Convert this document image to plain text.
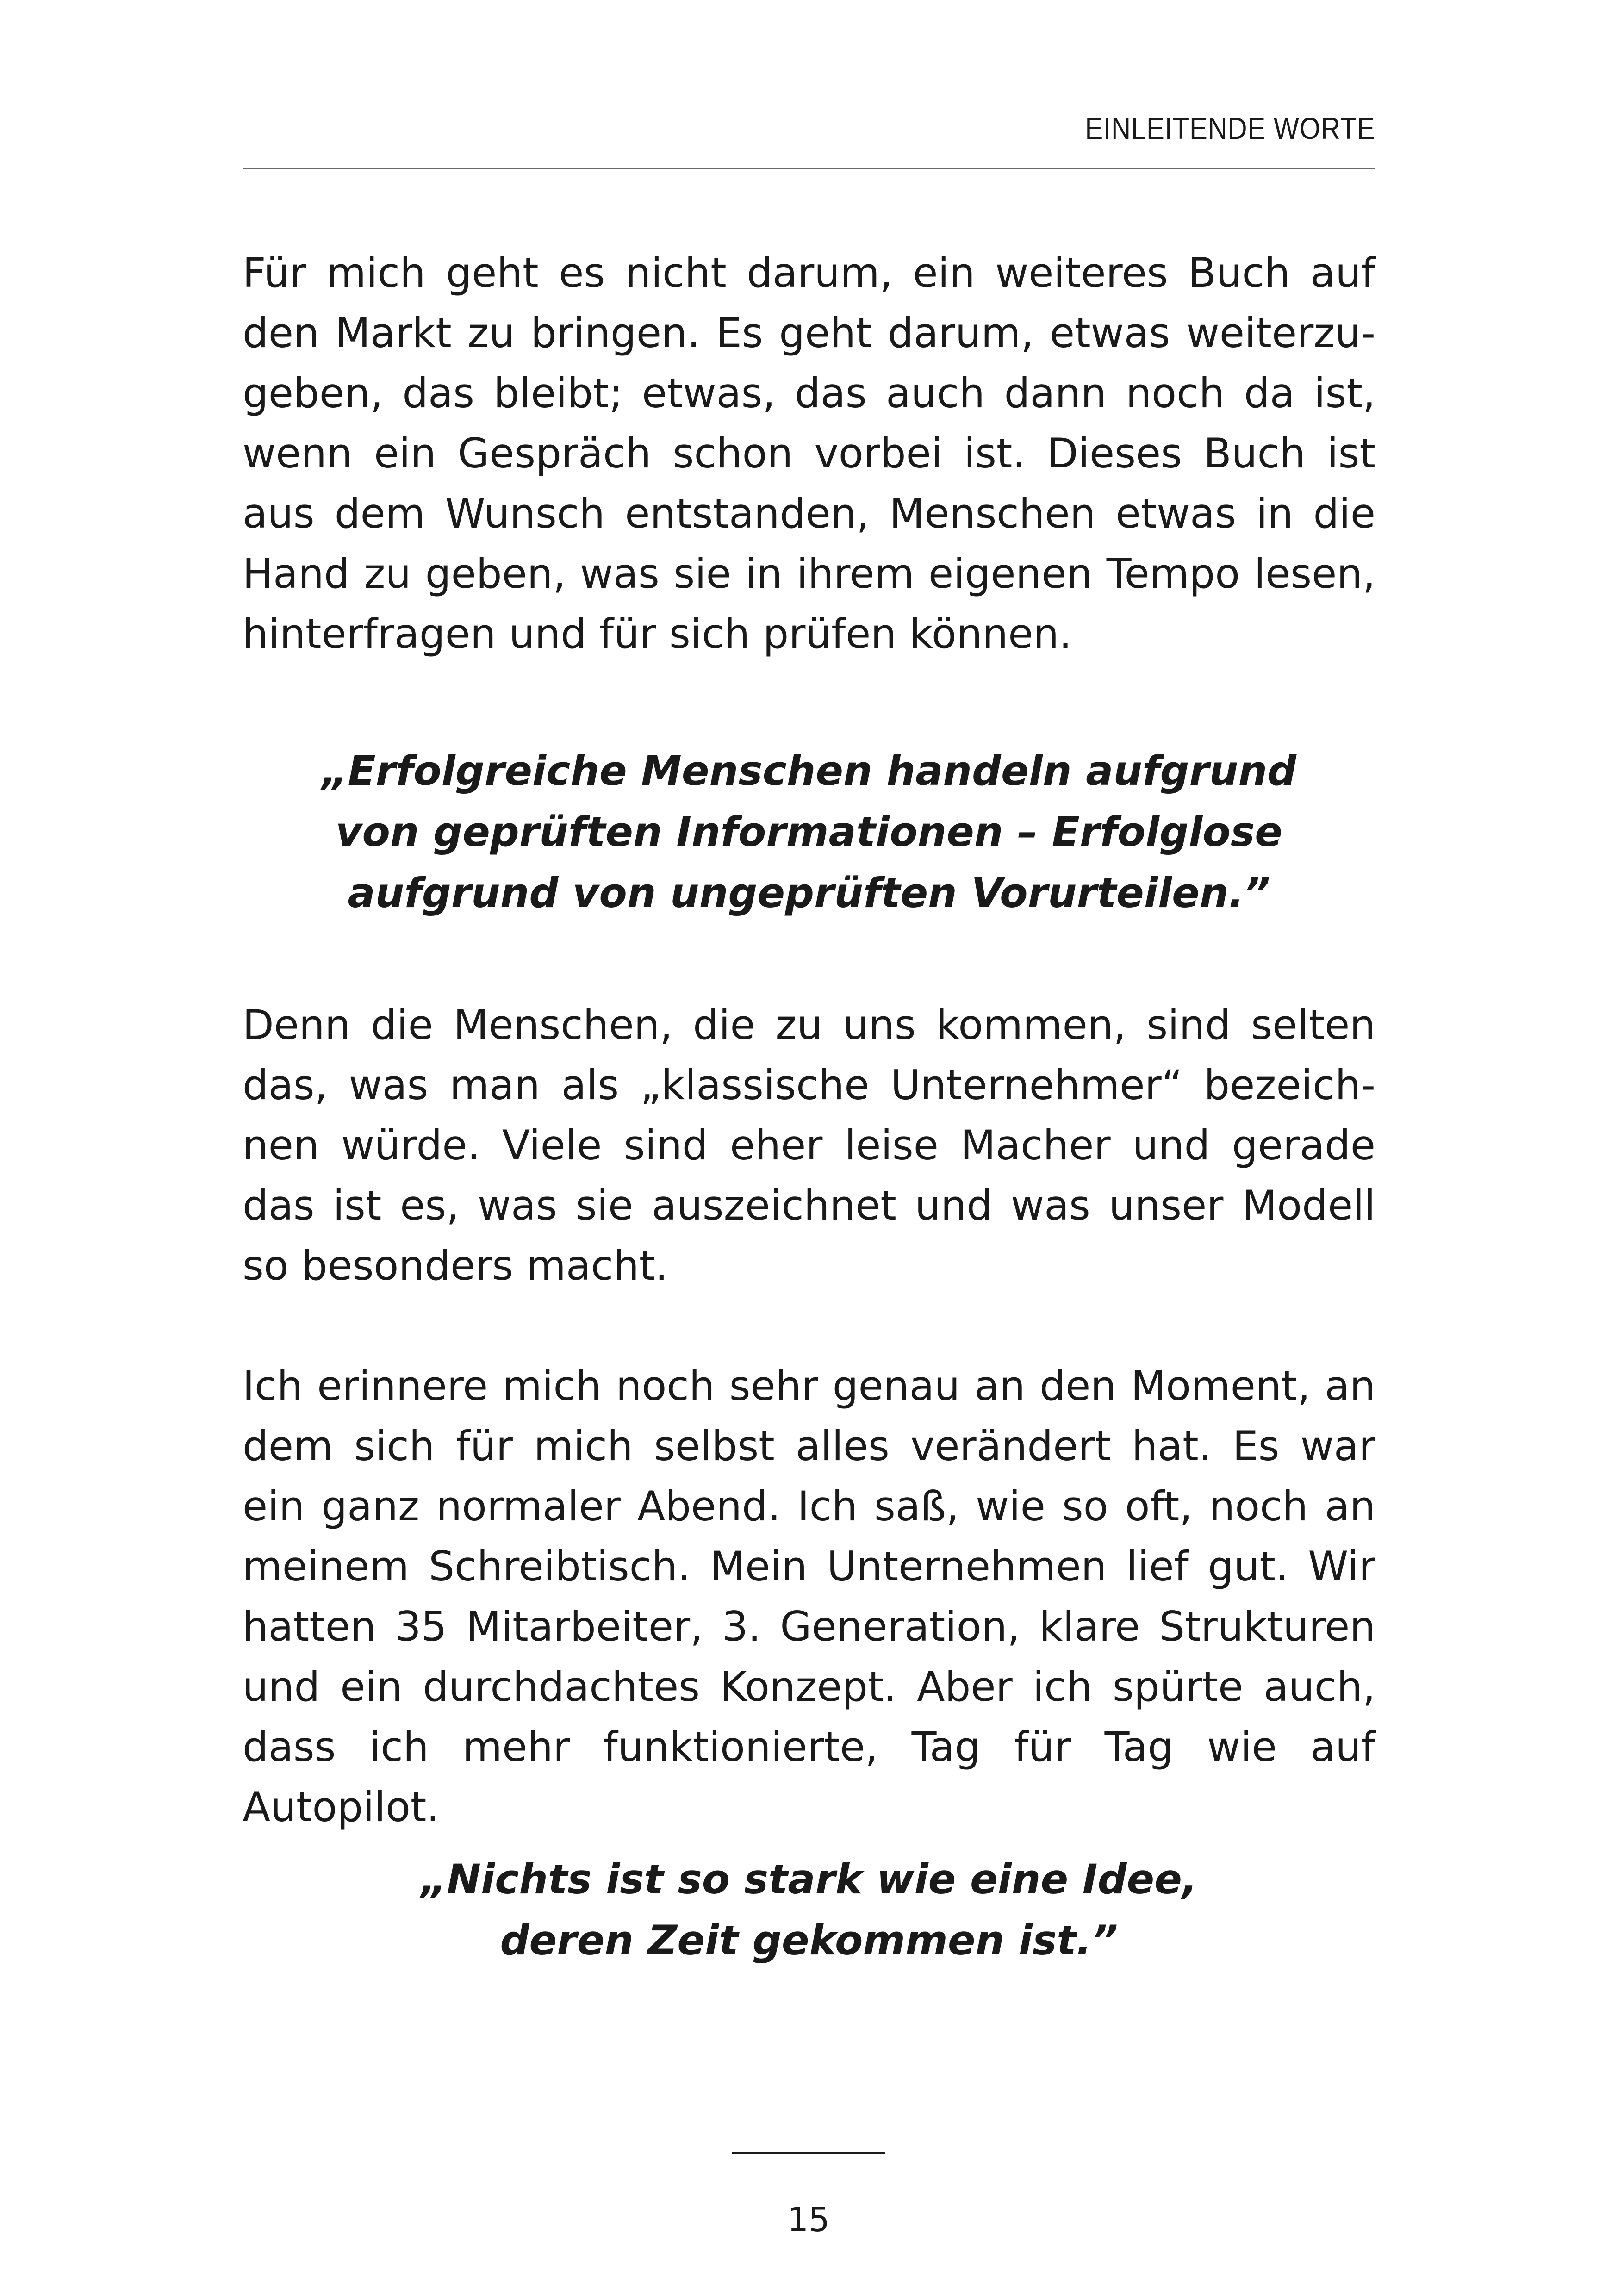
EINLEITENDE WORTE

Für mich geht es nicht darum, ein weiteres Buch auf den Markt zu bringen. Es geht darum, etwas weiterzugeben, das bleibt; etwas, das auch dann noch da ist, wenn ein Gespräch schon vorbei ist. Dieses Buch ist aus dem Wunsch entstanden, Menschen etwas in die Hand zu geben, was sie in ihrem eigenen Tempo lesen, hinterfragen und für sich prüfen können.

„Erfolgreiche Menschen handeln aufgrund
von geprüften Informationen – Erfolglose
aufgrund von ungeprüften Vorurteilen.”

Denn die Menschen, die zu uns kommen, sind selten das, was man als „klassische Unternehmer“ bezeichnen würde. Viele sind eher leise Macher und gerade das ist es, was sie auszeichnet und was unser Modell so besonders macht.

Ich erinnere mich noch sehr genau an den Moment, an dem sich für mich selbst alles verändert hat. Es war ein ganz normaler Abend. Ich saß, wie so oft, noch an meinem Schreibtisch. Mein Unternehmen lief gut. Wir hatten 35 Mitarbeiter, 3. Generation, klare Strukturen und ein durchdachtes Konzept. Aber ich spürte auch, dass ich mehr funktionierte, Tag für Tag wie auf Autopilot.

„Nichts ist so stark wie eine Idee,
deren Zeit gekommen ist.”
15
